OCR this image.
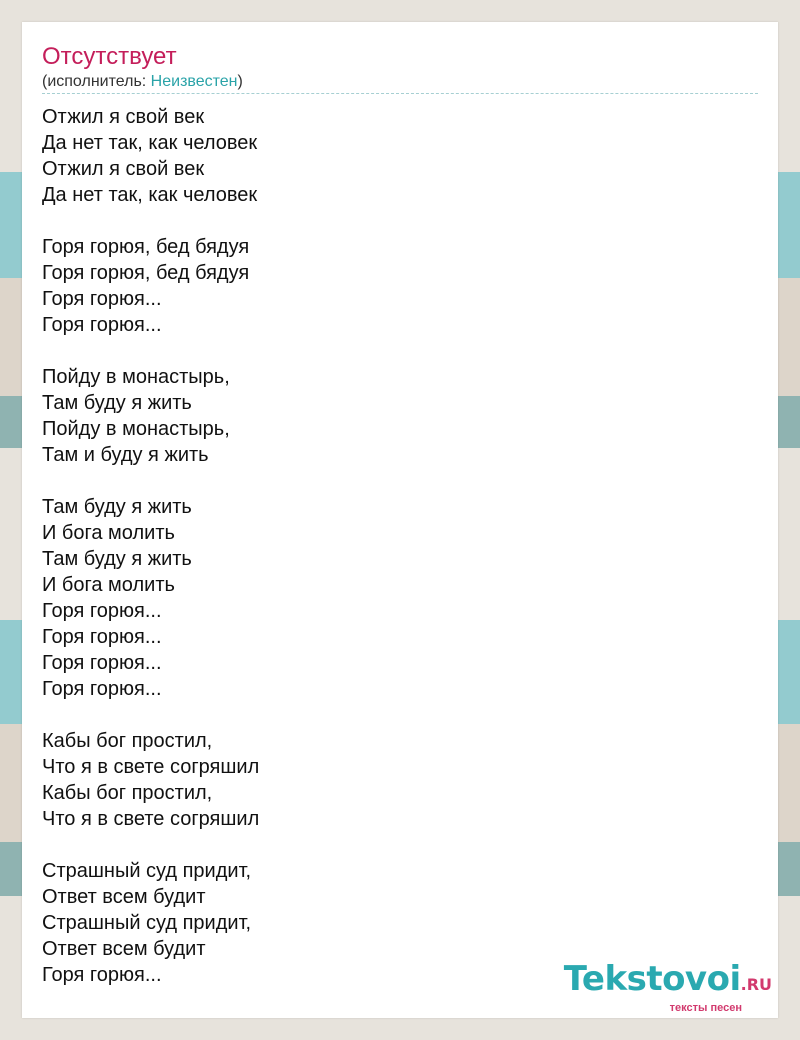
Отсутствует
(исполнитель: Неизвестен)
Отжил я свой век
Да нет так, как человек
Отжил я свой век
Да нет так, как человек
Горя горюя, бед бядуя
Горя горюя, бед бядуя
Горя горюя...
Горя горюя...
Пойду в монастырь,
Там буду я жить
Пойду в монастырь,
Там и буду я жить
Там буду я жить
И бога молить
Там буду я жить
И бога молить
Горя горюя...
Горя горюя...
Горя горюя...
Горя горюя...
Кабы бог простил,
Что я в свете согряшил
Кабы бог простил,
Что я в свете согряшил
Страшный суд придит,
Ответ всем будит
Страшный суд придит,
Ответ всем будит
Горя горюя...	Tekstovoi.RU
тексты песен
